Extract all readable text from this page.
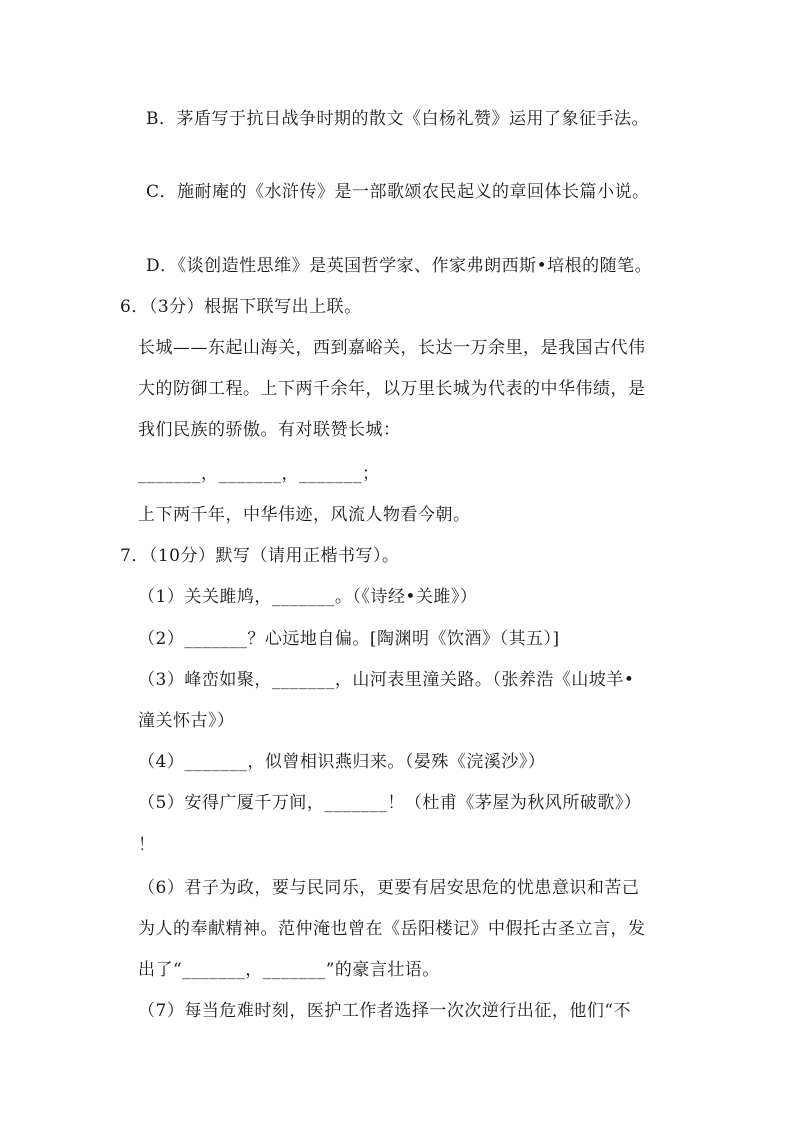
B．茅盾写于抗日战争时期的散文《白杨礼赞》运用了象征手法。
C．施耐庵的《水浒传》是一部歌颂农民起义的章回体长篇小说。
D．《谈创造性思维》是英国哲学家、作家弗朗西斯•培根的随笔。
6．（3分）根据下联写出上联。
长城——东起山海关，西到嘉峪关，长达一万余里，是我国古代伟
大的防御工程。上下两千余年，以万里长城为代表的中华伟绩，是
我们民族的骄傲。有对联赞长城：
_______，_______，_______；
上下两千年，中华伟迹，风流人物看今朝。
7．（10分）默写（请用正楷书写）。
（1）关关雎鸠，_______。（《诗经•关雎》）
（2）_______？心远地自偏。[陶渊明《饮酒》（其五）]
（3）峰峦如聚，_______，山河表里潼关路。（张养浩《山坡羊•
潼关怀古》）
（4）_______，似曾相识燕归来。（晏殊《浣溪沙》）
（5）安得广厦千万间，_______！（杜甫《茅屋为秋风所破歌》）
！
（6）君子为政，要与民同乐，更要有居安思危的忧患意识和苦己
为人的奉献精神。范仲淹也曾在《岳阳楼记》中假托古圣立言，发
出了“_______，_______”的豪言壮语。
（7）每当危难时刻，医护工作者选择一次次逆行出征，他们“不
